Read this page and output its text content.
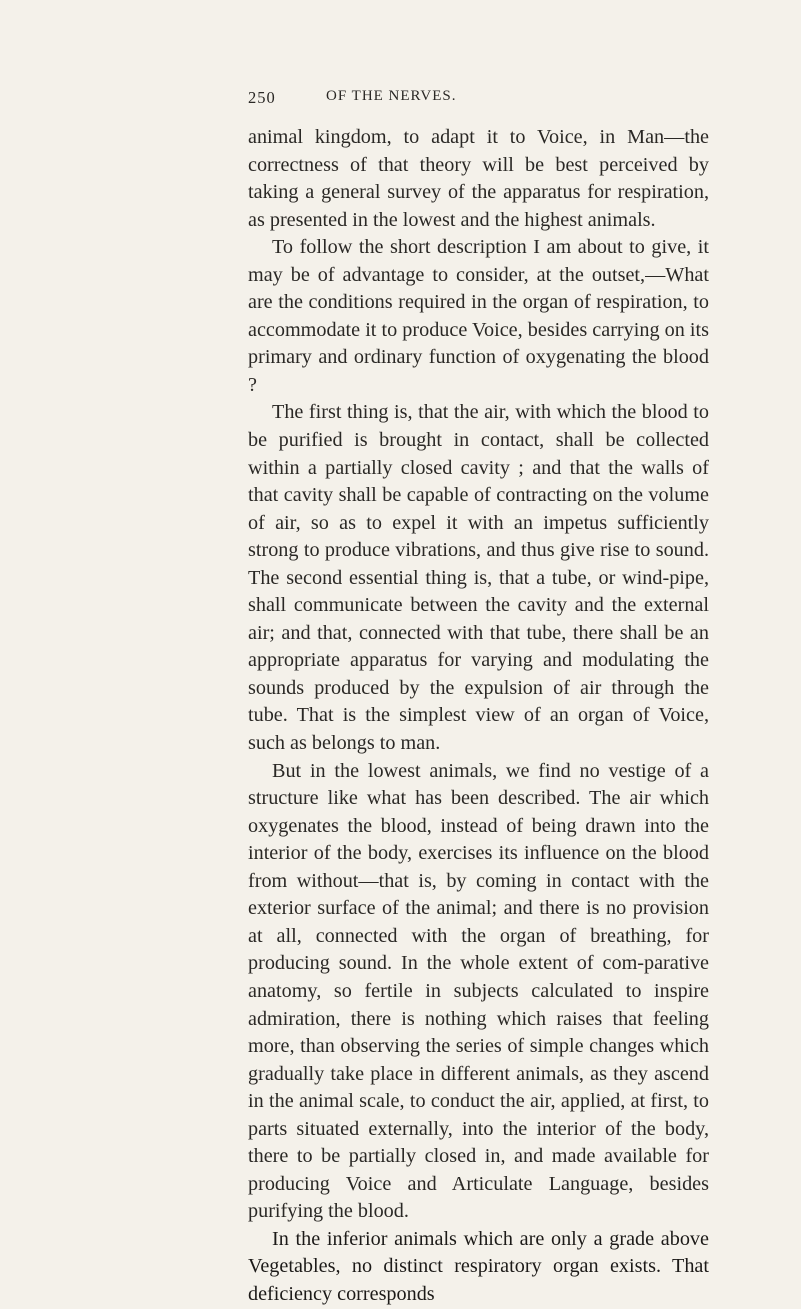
250	OF THE NERVES.

animal kingdom, to adapt it to Voice, in Man—the correctness of that theory will be best perceived by taking a general survey of the apparatus for respiration, as presented in the lowest and the highest animals.

To follow the short description I am about to give, it may be of advantage to consider, at the outset,—What are the conditions required in the organ of respiration, to accommodate it to produce Voice, besides carrying on its primary and ordinary function of oxygenating the blood ?

The first thing is, that the air, with which the blood to be purified is brought in contact, shall be collected within a partially closed cavity ; and that the walls of that cavity shall be capable of contracting on the volume of air, so as to expel it with an impetus sufficiently strong to produce vibrations, and thus give rise to sound. The second essential thing is, that a tube, or wind-pipe, shall communicate between the cavity and the external air; and that, connected with that tube, there shall be an appropriate apparatus for varying and modulating the sounds produced by the expulsion of air through the tube. That is the simplest view of an organ of Voice, such as belongs to man.

But in the lowest animals, we find no vestige of a structure like what has been described. The air which oxygenates the blood, instead of being drawn into the interior of the body, exercises its influence on the blood from without—that is, by coming in contact with the exterior surface of the animal; and there is no provision at all, connected with the organ of breathing, for producing sound. In the whole extent of com-parative anatomy, so fertile in subjects calculated to inspire admiration, there is nothing which raises that feeling more, than observing the series of simple changes which gradually take place in different animals, as they ascend in the animal scale, to conduct the air, applied, at first, to parts situated externally, into the interior of the body, there to be partially closed in, and made available for producing Voice and Articulate Language, besides purifying the blood.

In the inferior animals which are only a grade above Vegetables, no distinct respiratory organ exists. That deficiency corresponds
